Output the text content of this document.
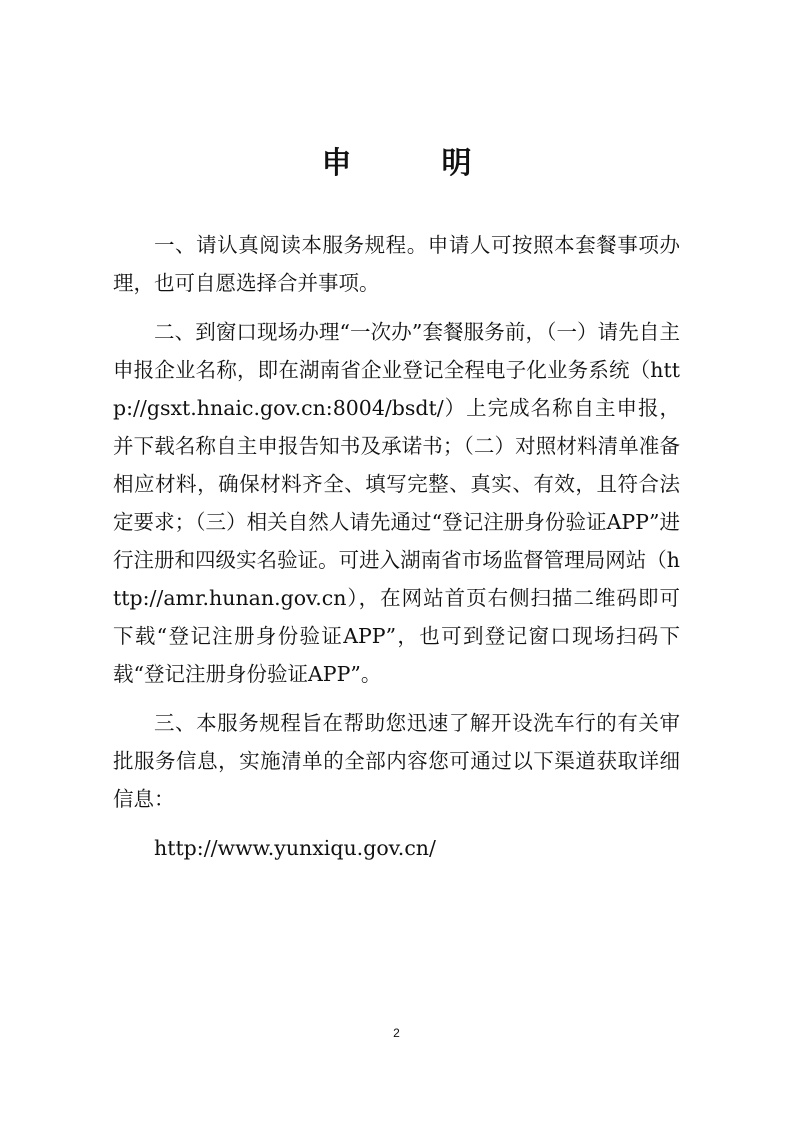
申　明

一、请认真阅读本服务规程。申请人可按照本套餐事项办理，也可自愿选择合并事项。

二、到窗口现场办理“一次办”套餐服务前，（一）请先自主申报企业名称，即在湖南省企业登记全程电子化业务系统（http://gsxt.hnaic.gov.cn:8004/bsdt/）上完成名称自主申报，并下载名称自主申报告知书及承诺书；（二）对照材料清单准备相应材料，确保材料齐全、填写完整、真实、有效，且符合法定要求；（三）相关自然人请先通过“登记注册身份验证APP”进行注册和四级实名验证。可进入湖南省市场监督管理局网站（http://amr.hunan.gov.cn），在网站首页右侧扫描二维码即可下载“登记注册身份验证APP”，也可到登记窗口现场扫码下载“登记注册身份验证APP”。

三、本服务规程旨在帮助您迅速了解开设洗车行的有关审批服务信息，实施清单的全部内容您可通过以下渠道获取详细信息：

http://www.yunxiqu.gov.cn/

2
